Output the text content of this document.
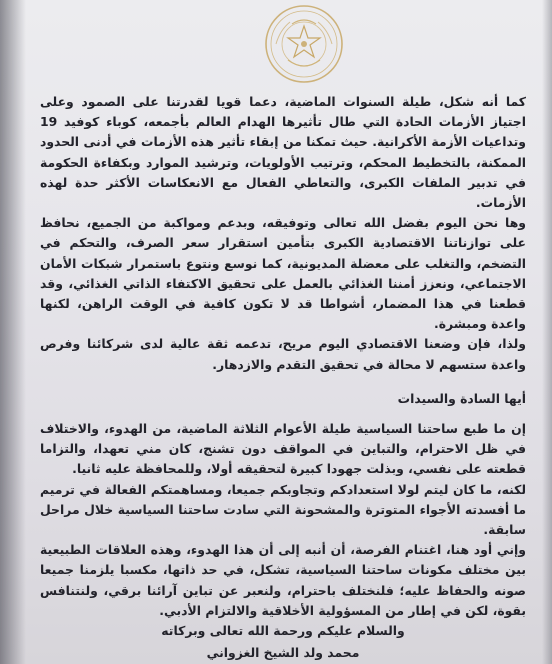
كما أنه شكل، طيلة السنوات الماضية، دعما قويا لقدرتنا على الصمود وعلى اجتياز الأزمات الحادة التي طال تأثيرها الهدام العالم بأجمعه، كوباء كوفيد 19 وتداعيات الأزمة الأكرانية. حيث تمكنا من إبقاء تأثير هذه الأزمات في أدنى الحدود الممكنة، بالتخطيط المحكم، وترتيب الأولويات، وترشيد الموارد وبكفاءة الحكومة في تدبير الملفات الكبرى، والتعاطي الفعال مع الانعكاسات الأكثر حدة لهذه الأزمات.

وها نحن اليوم بفضل الله تعالى وتوفيقه، وبدعم ومواكبة من الجميع، نحافظ على توازناتنا الاقتصادية الكبرى بتأمين استقرار سعر الصرف، والتحكم في التضخم، والتغلب على معضلة المديونية، كما نوسع ونتوع باستمرار شبكات الأمان الاجتماعي، ونعزز أمننا الغذائي بالعمل على تحقيق الاكتفاء الذاتي الغذائي، وقد قطعنا في هذا المضمار، أشواطا قد لا تكون كافية في الوقت الراهن، لكنها واعدة ومبشرة.

ولذا، فإن وضعنا الاقتصادي اليوم مريح، تدعمه ثقة عالية لدى شركائنا وفرص واعدة ستسهم لا محالة في تحقيق التقدم والازدهار.

أيها السادة والسيدات

إن ما طبع ساحتنا السياسية طيلة الأعوام الثلاثة الماضية، من الهدوء، والاختلاف في ظل الاحترام، والتباين في المواقف دون تشنج، كان مني تعهدا، والتزاما قطعته على نفسي، وبذلت جهودا كبيرة لتحقيقه أولا، وللمحافظة عليه ثانيا.

لكنه، ما كان ليتم لولا استعدادكم وتجاوبكم جميعا، ومساهمتكم الفعالة في ترميم ما أفسدته الأجواء المتوترة والمشحونة التي سادت ساحتنا السياسية خلال مراحل سابقة.

وإني أود هنا، اغتنام الفرصة، أن أنبه إلى أن هذا الهدوء، وهذه العلاقات الطبيعية بين مختلف مكونات ساحتنا السياسية، تشكل، في حد ذاتها، مكسبا يلزمنا جميعا صونه والحفاظ عليه؛ فلنختلف باحترام، ولنعبر عن تباين آرائنا برقي، ولنتنافس بقوة، لكن في إطار من المسؤولية الأخلاقية والالتزام الأدبي.

والسلام عليكم ورحمة الله تعالى وبركاته

محمد ولد الشيخ الغزواني
